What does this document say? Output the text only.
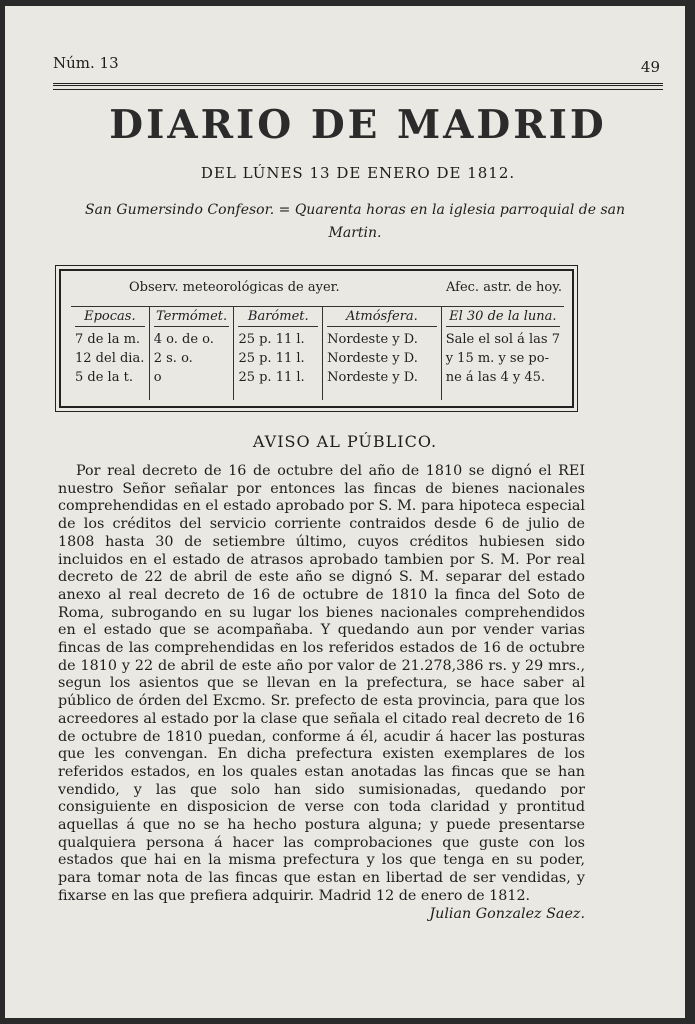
Núm. 13	49
DIARIO DE MADRID
DEL LÚNES 13 DE ENERO DE 1812.
San Gumersindo Confesor. = Quarenta horas en la iglesia parroquial de san Martin.
Observ. meteorológicas de ayer.	Afec. astr. de hoy.
Epocas.
7 de la m.
12 del dia.
5 de la t.
Termómet.
4 o. de o.
2 s. o.
o
Barómet.
25 p. 11 l.
25 p. 11 l.
25 p. 11 l.
Atmósfera.
Nordeste y D.
Nordeste y D.
Nordeste y D.
El 30 de la luna.
Sale el sol á las 7
y 15 m. y se po-
ne á las 4 y 45.
AVISO AL PÚBLICO.
Por real decreto de 16 de octubre del año de 1810 se dignó el REI nuestro Señor señalar por entonces las fincas de bienes nacionales comprehendidas en el estado aprobado por S. M. para hipoteca especial de los créditos del servicio corriente contraidos desde 6 de julio de 1808 hasta 30 de setiembre último, cuyos créditos hubiesen sido incluidos en el estado de atrasos aprobado tambien por S. M. Por real decreto de 22 de abril de este año se dignó S. M. separar del estado anexo al real decreto de 16 de octubre de 1810 la finca del Soto de Roma, subrogando en su lugar los bienes nacionales comprehendidos en el estado que se acompañaba. Y quedando aun por vender varias fincas de las comprehendidas en los referidos estados de 16 de octubre de 1810 y 22 de abril de este año por valor de 21.278,386 rs. y 29 mrs., segun los asientos que se llevan en la prefectura, se hace saber al público de órden del Excmo. Sr. prefecto de esta provincia, para que los acreedores al estado por la clase que señala el citado real decreto de 16 de octubre de 1810 puedan, conforme á él, acudir á hacer las posturas que les convengan. En dicha prefectura existen exemplares de los referidos estados, en los quales estan anotadas las fincas que se han vendido, y las que solo han sido sumisionadas, quedando por consiguiente en disposicion de verse con toda claridad y prontitud aquellas á que no se ha hecho postura alguna; y puede presentarse qualquiera persona á hacer las comprobaciones que guste con los estados que hai en la misma prefectura y los que tenga en su poder, para tomar nota de las fincas que estan en libertad de ser vendidas, y fixarse en las que prefiera adquirir. Madrid 12 de enero de 1812.
Julian Gonzalez Saez.
